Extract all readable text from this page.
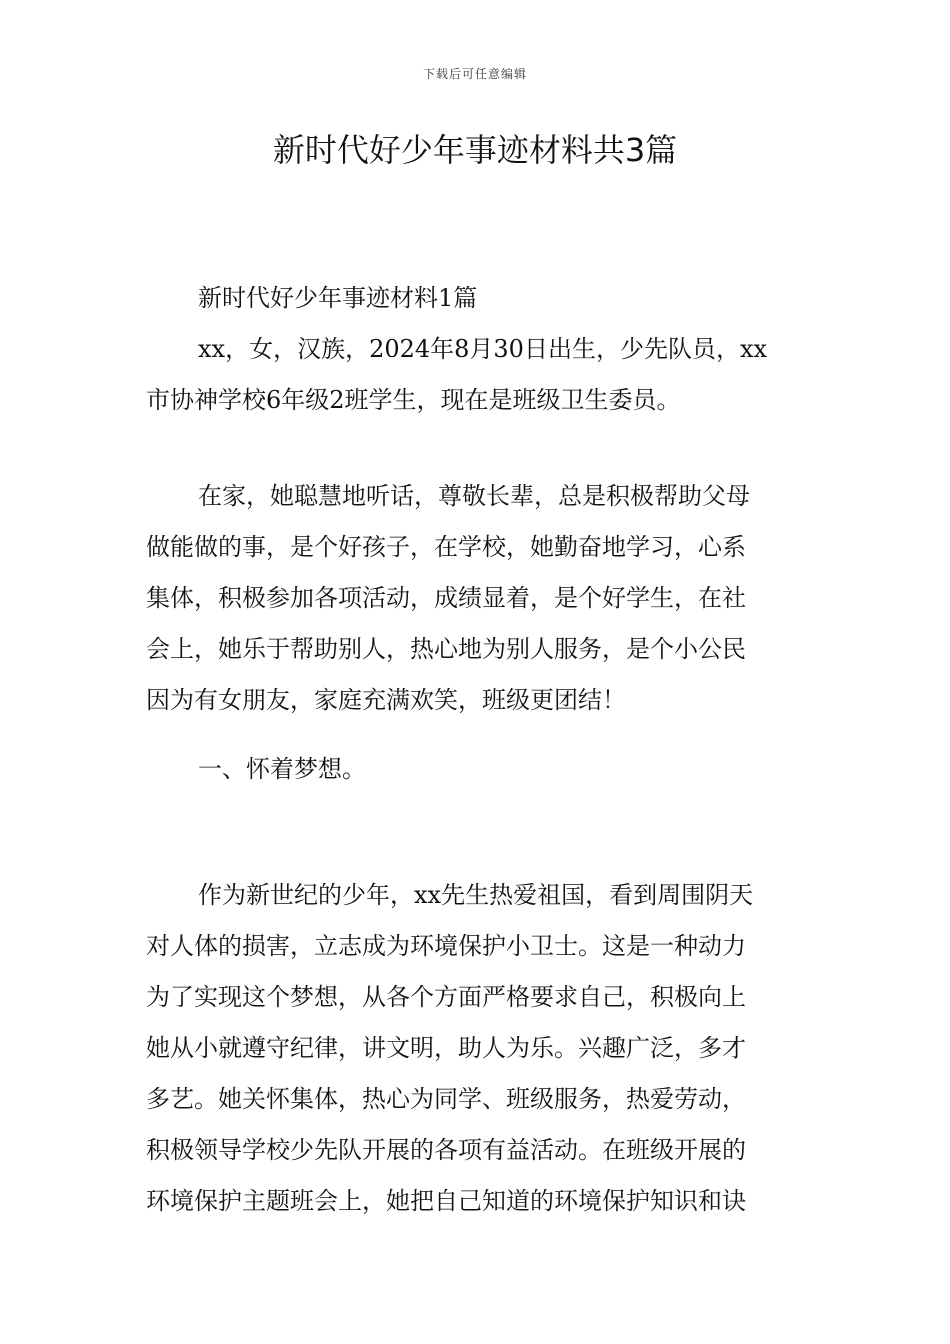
下载后可任意编辑
新时代好少年事迹材料共3篇
新时代好少年事迹材料1篇
xx，女，汉族，2024年8月30日出生，少先队员，xx
市协神学校6年级2班学生，现在是班级卫生委员。
在家，她聪慧地听话，尊敬长辈，总是积极帮助父母
做能做的事，是个好孩子，在学校，她勤奋地学习，心系
集体，积极参加各项活动，成绩显着，是个好学生，在社
会上，她乐于帮助别人，热心地为别人服务，是个小公民
因为有女朋友，家庭充满欢笑，班级更团结！
一、怀着梦想。
作为新世纪的少年，xx先生热爱祖国，看到周围阴天
对人体的损害，立志成为环境保护小卫士。这是一种动力
为了实现这个梦想，从各个方面严格要求自己，积极向上
她从小就遵守纪律，讲文明，助人为乐。兴趣广泛，多才
多艺。她关怀集体，热心为同学、班级服务，热爱劳动，
积极领导学校少先队开展的各项有益活动。在班级开展的
环境保护主题班会上，她把自己知道的环境保护知识和诀
